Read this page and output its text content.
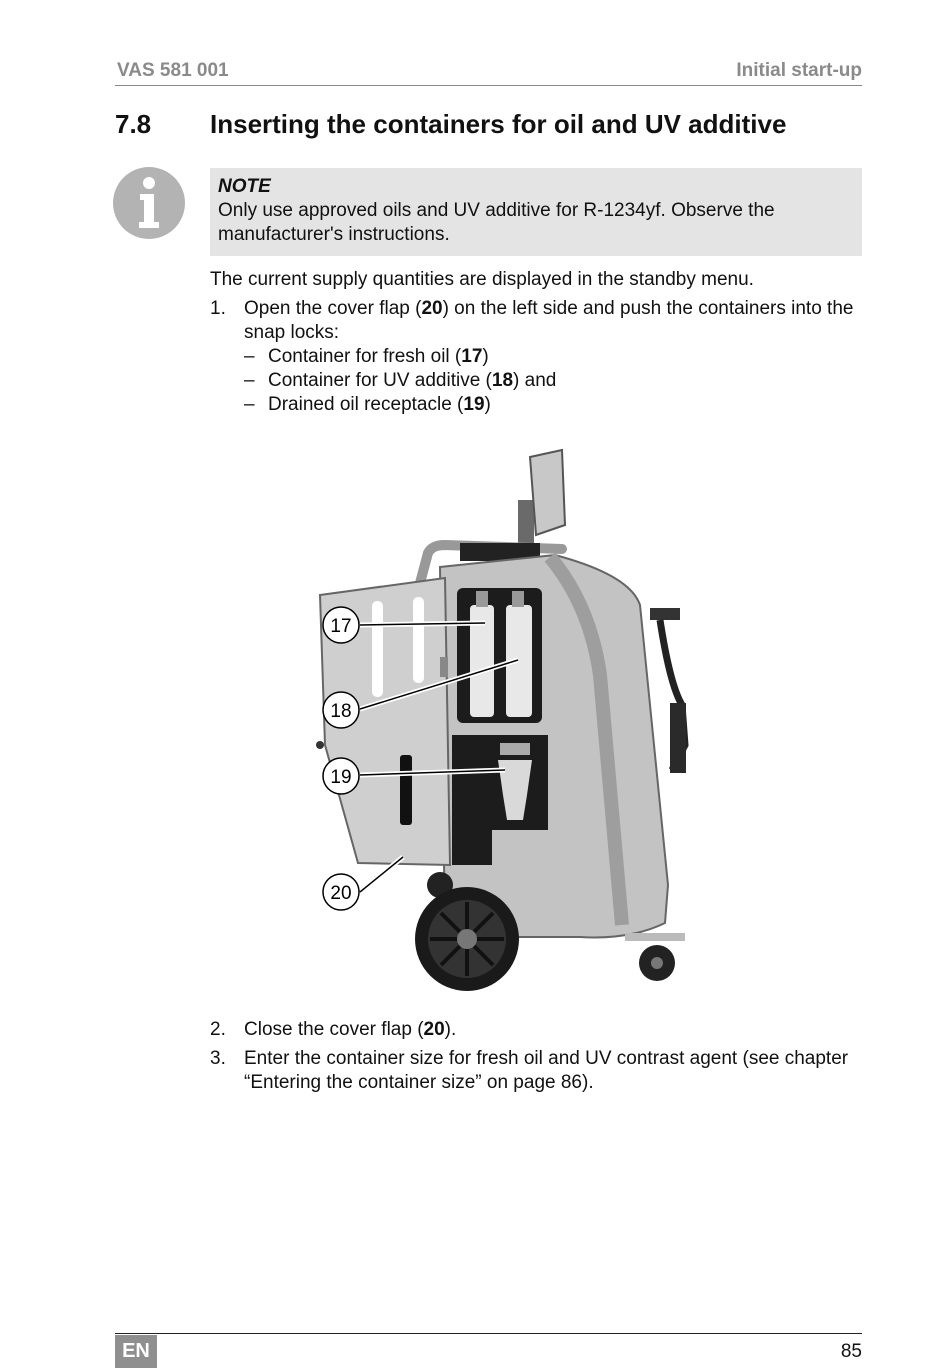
VAS 581 001	Initial start-up
7.8 Inserting the containers for oil and UV additive
NOTE
Only use approved oils and UV additive for R-1234yf. Observe the manufacturer's instructions.
The current supply quantities are displayed in the standby menu.
1. Open the cover flap (20) on the left side and push the containers into the snap locks:
– Container for fresh oil (17)
– Container for UV additive (18) and
– Drained oil receptacle (19)
17
18
19
20
2. Close the cover flap (20).
3. Enter the container size for fresh oil and UV contrast agent (see chapter “Entering the container size” on page 86).
EN	85
